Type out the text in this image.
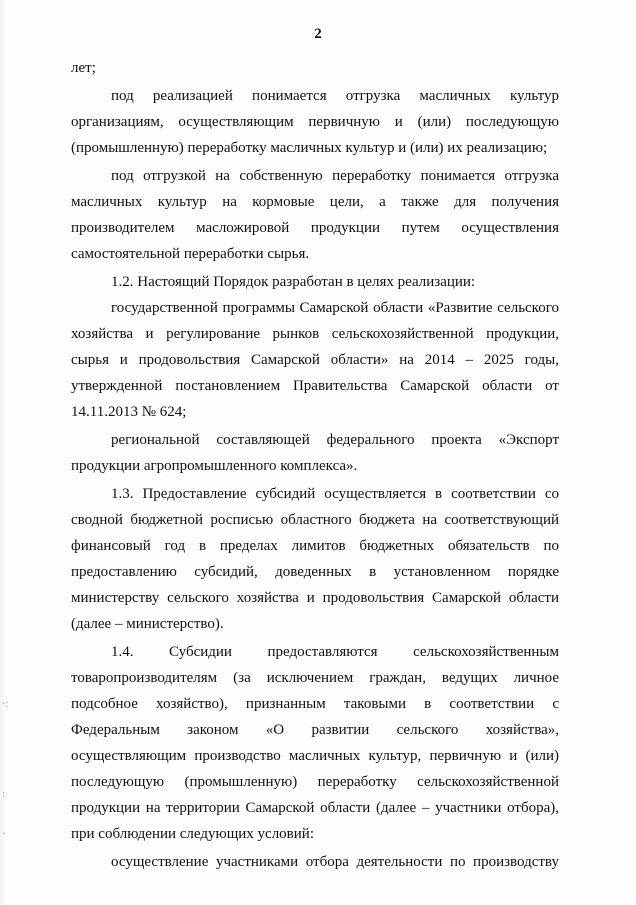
2
лет;
под реализацией понимается отгрузка масличных культур
организациям, осуществляющим первичную и (или) последующую
(промышленную) переработку масличных культур и (или) их реализацию;
под отгрузкой на собственную переработку понимается отгрузка
масличных культур на кормовые цели, а также для получения
производителем масложировой продукции путем осуществления
самостоятельной переработки сырья.
1.2. Настоящий Порядок разработан в целях реализации:
государственной программы Самарской области «Развитие сельского
хозяйства и регулирование рынков сельскохозяйственной продукции,
сырья и продовольствия Самарской области» на 2014 – 2025 годы,
утвержденной постановлением Правительства Самарской области от
14.11.2013 № 624;
региональной составляющей федерального проекта «Экспорт
продукции агропромышленного комплекса».
1.3. Предоставление субсидий осуществляется в соответствии со
сводной бюджетной росписью областного бюджета на соответствующий
финансовый год в пределах лимитов бюджетных обязательств по
предоставлению субсидий, доведенных в установленном порядке
министерству сельского хозяйства и продовольствия Самарской области
(далее – министерство).
1.4. Субсидии предоставляются сельскохозяйственным
товаропроизводителям (за исключением граждан, ведущих личное
подсобное хозяйство), признанным таковыми в соответствии с
Федеральным законом «О развитии сельского хозяйства»,
осуществляющим производство масличных культур, первичную и (или)
последующую (промышленную) переработку сельскохозяйственной
продукции на территории Самарской области (далее – участники отбора),
при соблюдении следующих условий:
осуществление участниками отбора деятельности по производству
·:
:
·
